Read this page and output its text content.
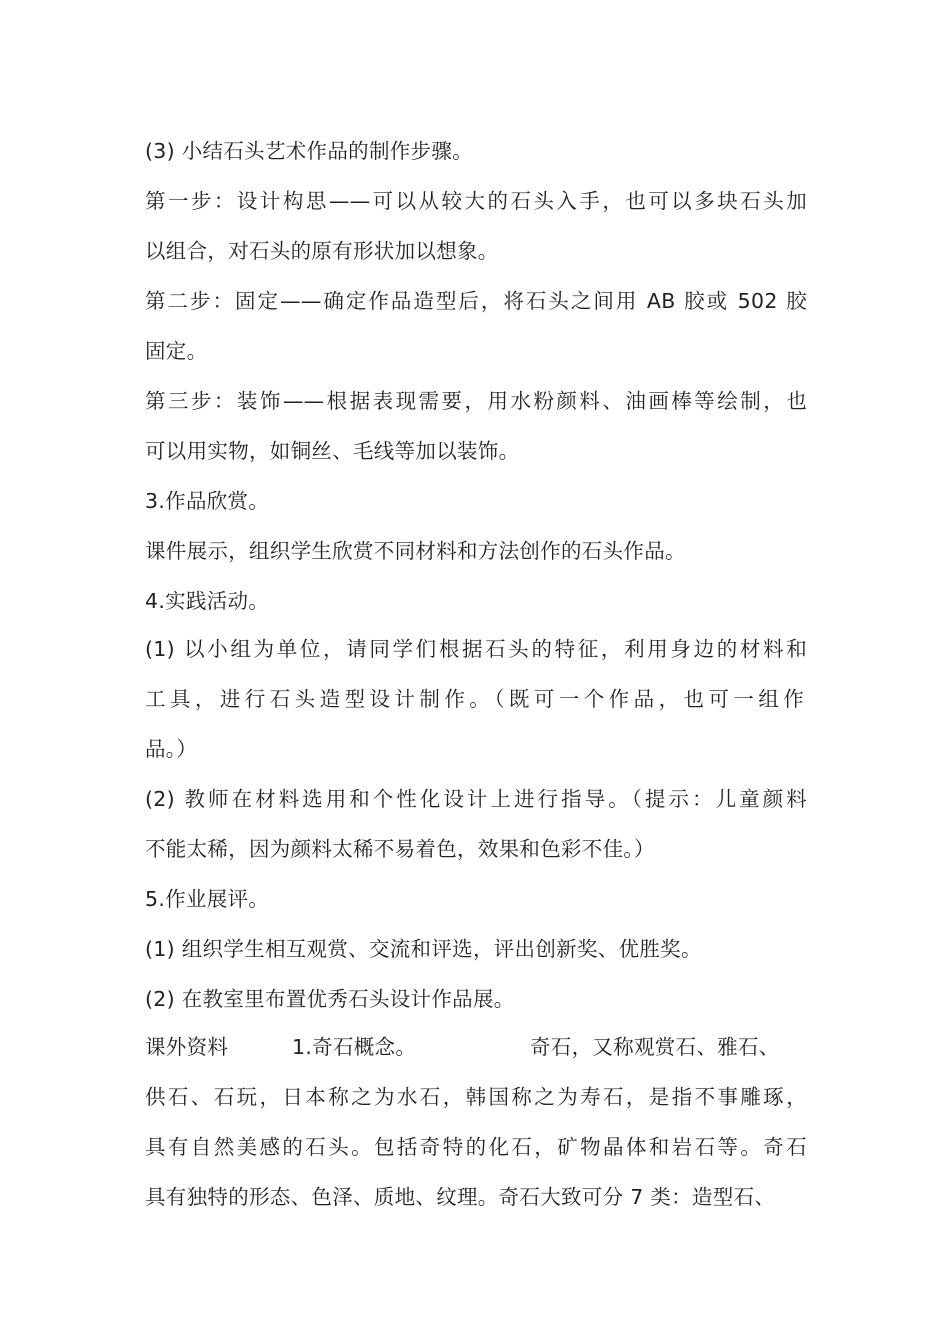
(3) 小结石头艺术作品的制作步骤。
第一步：设计构思——可以从较大的石头入手，也可以多块石头加
以组合，对石头的原有形状加以想象。
第二步：固定——确定作品造型后，将石头之间用 AB 胶或 502 胶
固定。
第三步：装饰——根据表现需要，用水粉颜料、油画棒等绘制，也
可以用实物，如铜丝、毛线等加以装饰。
3.作品欣赏。
课件展示，组织学生欣赏不同材料和方法创作的石头作品。
4.实践活动。
(1) 以小组为单位，请同学们根据石头的特征，利用身边的材料和
工具，进行石头造型设计制作。（既可一个作品，也可一组作
品。）
(2) 教师在材料选用和个性化设计上进行指导。（提示：儿童颜料
不能太稀，因为颜料太稀不易着色，效果和色彩不佳。）
5.作业展评。
(1) 组织学生相互观赏、交流和评选，评出创新奖、优胜奖。
(2) 在教室里布置优秀石头设计作品展。
课外资料	1.奇石概念。	奇石，又称观赏石、雅石、
供石、石玩，日本称之为水石，韩国称之为寿石，是指不事雕琢，
具有自然美感的石头。包括奇特的化石，矿物晶体和岩石等。奇石
具有独特的形态、色泽、质地、纹理。奇石大致可分 7 类：造型石、
